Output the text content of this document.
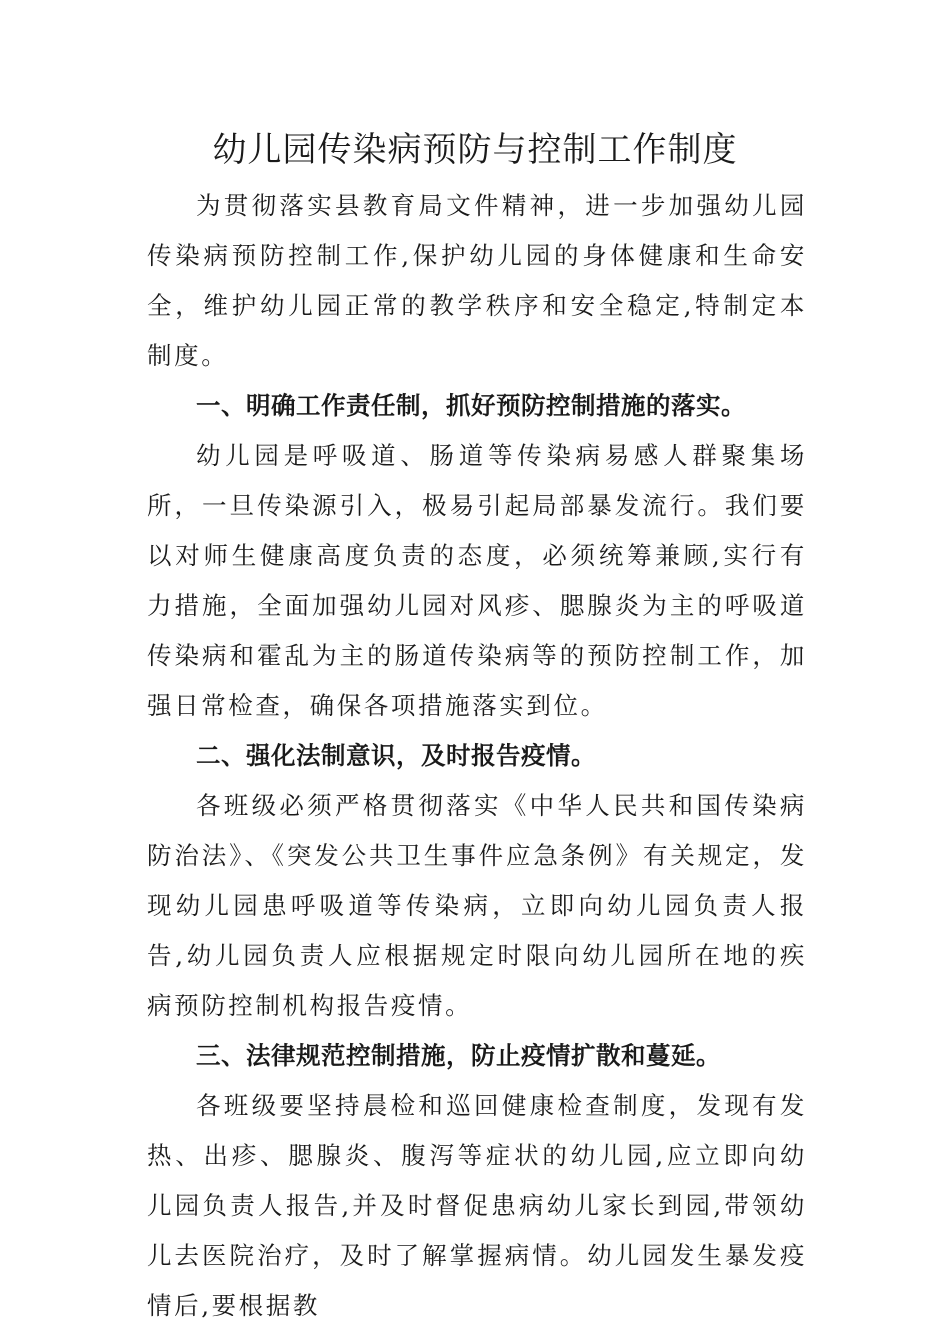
幼儿园传染病预防与控制工作制度

为贯彻落实县教育局文件精神，进一步加强幼儿园传染病预防控制工作,保护幼儿园的身体健康和生命安全，维护幼儿园正常的教学秩序和安全稳定,特制定本制度。

一、明确工作责任制，抓好预防控制措施的落实。

幼儿园是呼吸道、肠道等传染病易感人群聚集场所，一旦传染源引入，极易引起局部暴发流行。我们要以对师生健康高度负责的态度，必须统筹兼顾,实行有力措施，全面加强幼儿园对风疹、腮腺炎为主的呼吸道传染病和霍乱为主的肠道传染病等的预防控制工作，加强日常检查，确保各项措施落实到位。

二、强化法制意识，及时报告疫情。

各班级必须严格贯彻落实《中华人民共和国传染病防治法》、《突发公共卫生事件应急条例》有关规定，发现幼儿园患呼吸道等传染病，立即向幼儿园负责人报告,幼儿园负责人应根据规定时限向幼儿园所在地的疾病预防控制机构报告疫情。

三、法律规范控制措施，防止疫情扩散和蔓延。

各班级要坚持晨检和巡回健康检查制度，发现有发热、出疹、腮腺炎、腹泻等症状的幼儿园,应立即向幼儿园负责人报告,并及时督促患病幼儿家长到园,带领幼儿去医院治疗，及时了解掌握病情。幼儿园发生暴发疫情后,要根据教
